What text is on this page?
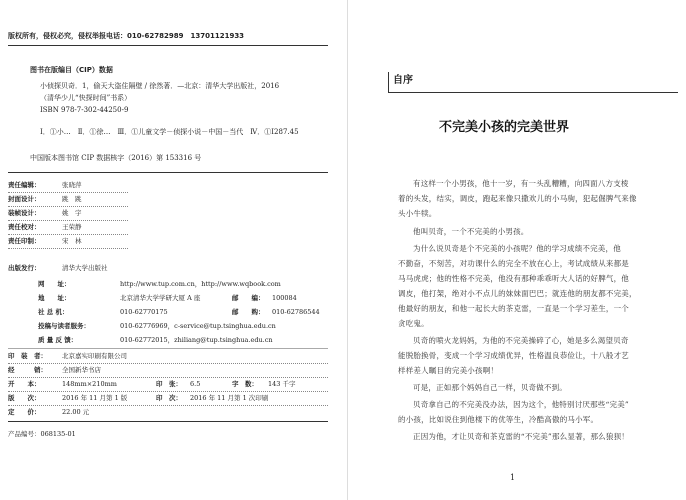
版权所有，侵权必究，侵权举报电话：010-62782989　13701121933
图书在版编目（CIP）数据
小侦探贝奇．1，偷天大盗住隔壁 / 徐然著．—北京：清华大学出版社，2016
（清华少儿“快探时间”书系）
ISBN 978-7-302-44250-9
Ⅰ．①小…　Ⅱ．①徐…　Ⅲ．①儿童文学－侦探小说－中国－当代　Ⅳ．①I287.45
中国版本图书馆 CIP 数据核字（2016）第 153316 号
责任编辑：	张晓萍
封面设计：	跳　跳
装帧设计：	姚　宇
责任校对：	王荣静
责任印制：	宋　林
出版发行：	清华大学出版社
网　　址：	http://www.tup.com.cn，http://www.wqbook.com
地　　址：	北京清华大学学研大厦 A 座	邮　　编： 100084
社 总 机：	010-62770175	邮　　购： 010-62786544
投稿与读者服务：	010-62776969，c-service@tup.tsinghua.edu.cn
质 量 反 馈：	010-62772015，zhiliang@tup.tsinghua.edu.cn
印　装　者： 北京嘉实印刷有限公司
经　　　销： 全国新华书店
开　　本：	148mm×210mm	印　张： 6.5	字　数： 143 千字
版　　次：	2016 年 11 月第 1 版	印　次： 2016 年 11 月第 1 次印刷
定　　价：	22.00 元
产品编号：068135-01
自序
不完美小孩的完美世界
有这样一个小男孩，他十一岁，有一头乱糟糟，向四面八方支棱
着的头发，结实，调皮，跑起来像只撒欢儿的小马驹，犯起倔脾气来像
头小牛犊。
他叫贝奇，一个不完美的小男孩。
为什么说贝奇是个不完美的小孩呢？他的学习成绩不完美，他
不勤奋，不刻苦，对功课什么的完全不放在心上，考试成绩从来都是
马马虎虎；他的性格不完美，他没有那种乖乖听大人话的好脾气，他
调皮，他打架，绝对小不点儿的妹妹面巴巴；就连他的朋友都不完美，
他最好的朋友，和他一起长大的茶克雷，一直是一个学习差生，一个
贪吃鬼。
贝奇的喷火龙妈妈，为他的不完美操碎了心，她是多么渴望贝奇
能脱胎换骨，变成一个学习成绩优异，性格温良恭俭让，十八般才艺
样样差人瞩目的完美小孩啊！
可是，正如那个妈妈自己一样，贝奇做不到。
贝奇拿自己的不完美没办法，因为这个，他特别讨厌那些“完美”
的小孩，比如说住到他楼下的优等生，冷酷高傲的马小军。
正因为他，才让贝奇和茶克雷的“不完美”那么显著，那么狼狈！
1
